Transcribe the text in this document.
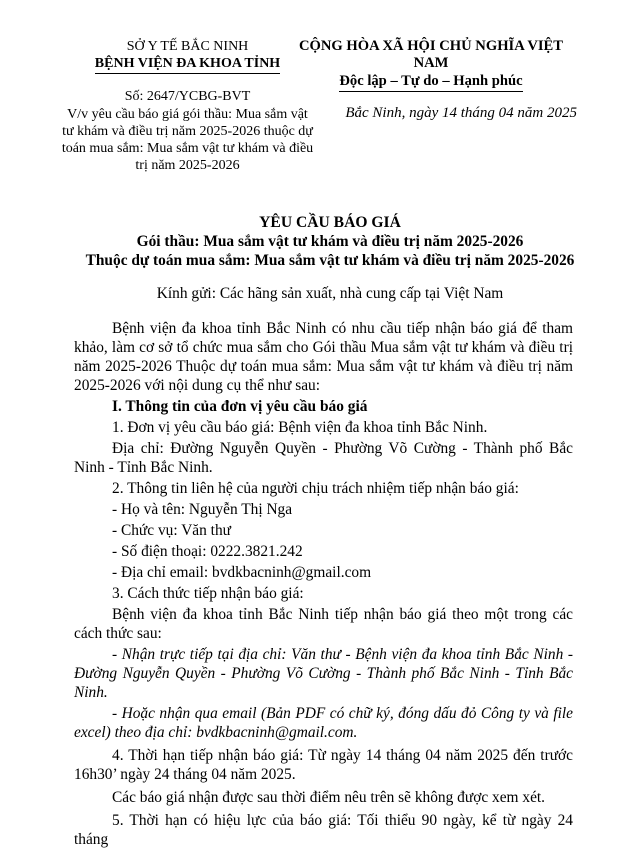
SỞ Y TẾ BẮC NINH
BỆNH VIỆN ĐA KHOA TỈNH
Số: 2647/YCBG-BVT
V/v yêu cầu báo giá gói thầu: Mua sắm vật tư khám và điều trị năm 2025-2026 thuộc dự toán mua sắm: Mua sắm vật tư khám và điều trị năm 2025-2026
CỘNG HÒA XÃ HỘI CHỦ NGHĨA VIỆT NAM
Độc lập – Tự do – Hạnh phúc
Bắc Ninh, ngày 14 tháng 04 năm 2025
YÊU CẦU BÁO GIÁ
Gói thầu: Mua sắm vật tư khám và điều trị năm 2025-2026
Thuộc dự toán mua sắm: Mua sắm vật tư khám và điều trị năm 2025-2026
Kính gửi: Các hãng sản xuất, nhà cung cấp tại Việt Nam

Bệnh viện đa khoa tỉnh Bắc Ninh có nhu cầu tiếp nhận báo giá để tham khảo, làm cơ sở tổ chức mua sắm cho Gói thầu Mua sắm vật tư khám và điều trị năm 2025-2026 Thuộc dự toán mua sắm: Mua sắm vật tư khám và điều trị năm 2025-2026 với nội dung cụ thể như sau:

I. Thông tin của đơn vị yêu cầu báo giá

1. Đơn vị yêu cầu báo giá: Bệnh viện đa khoa tỉnh Bắc Ninh.

Địa chỉ: Đường Nguyễn Quyền - Phường Võ Cường - Thành phố Bắc Ninh - Tỉnh Bắc Ninh.

2. Thông tin liên hệ của người chịu trách nhiệm tiếp nhận báo giá:

- Họ và tên: Nguyễn Thị Nga

- Chức vụ: Văn thư

- Số điện thoại: 0222.3821.242

- Địa chỉ email: bvdkbacninh@gmail.com

3. Cách thức tiếp nhận báo giá:

Bệnh viện đa khoa tỉnh Bắc Ninh tiếp nhận báo giá theo một trong các cách thức sau:

- Nhận trực tiếp tại địa chỉ: Văn thư - Bệnh viện đa khoa tỉnh Bắc Ninh - Đường Nguyễn Quyền - Phường Võ Cường - Thành phố Bắc Ninh - Tỉnh Bắc Ninh.

- Hoặc nhận qua email (Bản PDF có chữ ký, đóng dấu đỏ Công ty và file excel) theo địa chỉ: bvdkbacninh@gmail.com.

4. Thời hạn tiếp nhận báo giá: Từ ngày 14 tháng 04 năm 2025 đến trước 16h30’ ngày 24 tháng 04 năm 2025.

Các báo giá nhận được sau thời điểm nêu trên sẽ không được xem xét.

5. Thời hạn có hiệu lực của báo giá: Tối thiểu 90 ngày, kể từ ngày 24 tháng
